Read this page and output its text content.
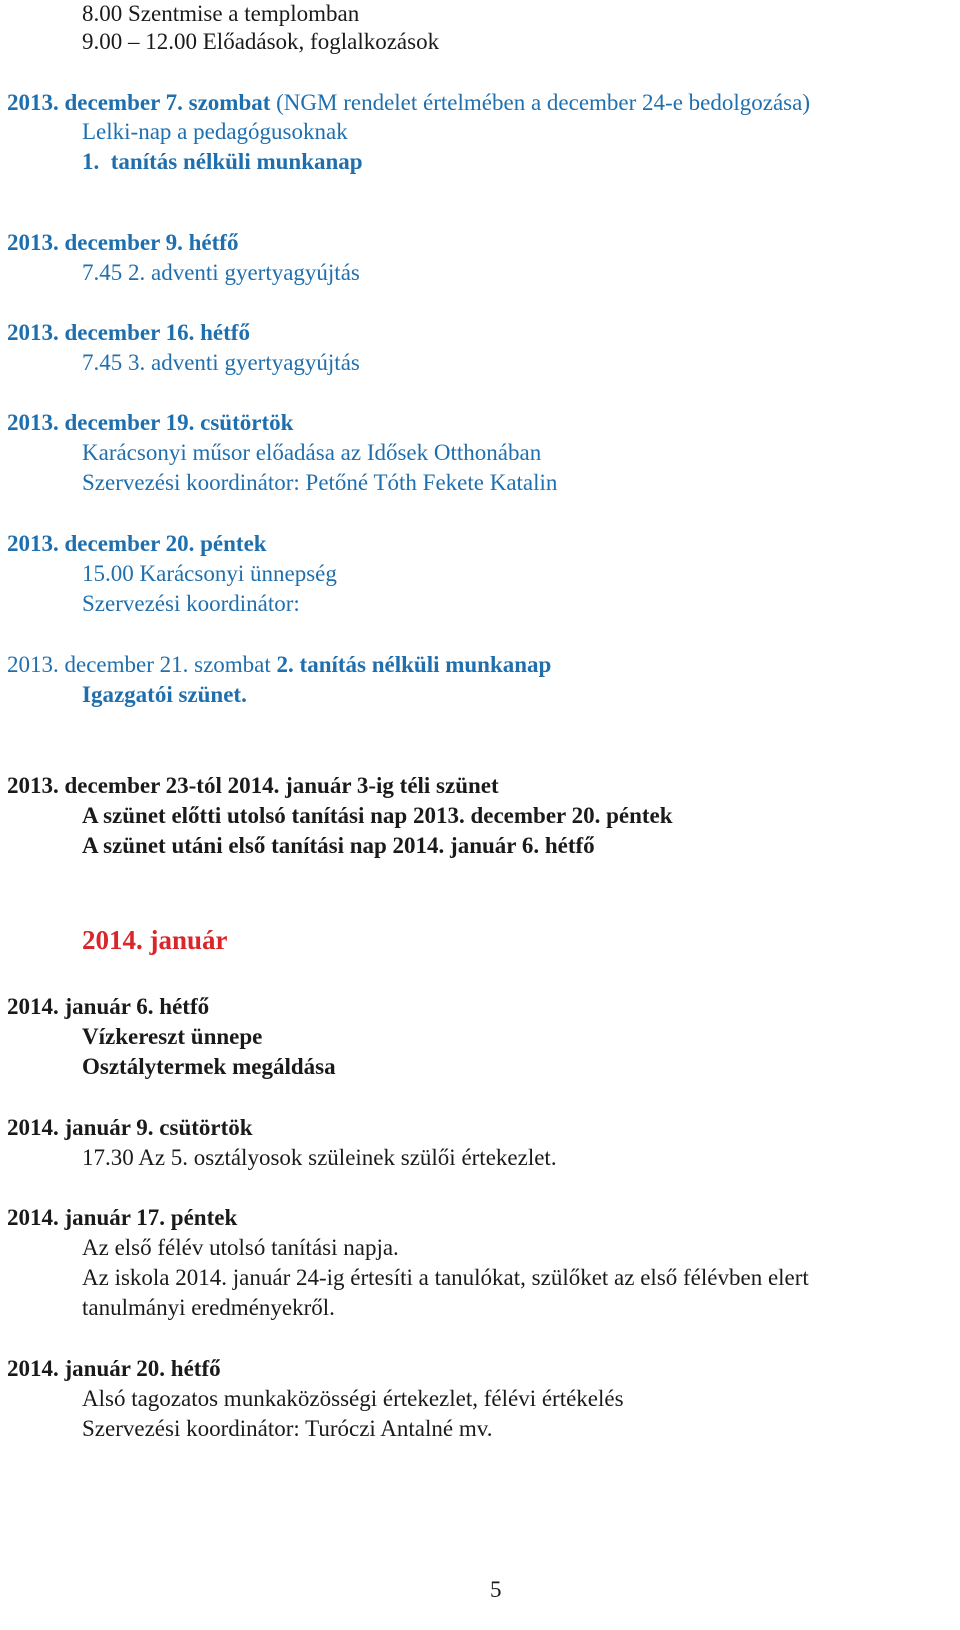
8.00 Szentmise a templomban
9.00 – 12.00 Előadások, foglalkozások
2013. december 7. szombat (NGM rendelet értelmében a december 24-e bedolgozása)
Lelki-nap a pedagógusoknak
1.  tanítás nélküli munkanap
2013. december 9. hétfő
7.45 2. adventi gyertyagyújtás
2013. december 16. hétfő
7.45 3. adventi gyertyagyújtás
2013. december 19. csütörtök
Karácsonyi műsor előadása az Idősek Otthonában
Szervezési koordinátor: Petőné Tóth Fekete Katalin
2013. december 20. péntek
15.00 Karácsonyi ünnepség
Szervezési koordinátor:
2013. december 21. szombat 2. tanítás nélküli munkanap
Igazgatói szünet.
2013. december 23-tól 2014. január 3-ig téli szünet
A szünet előtti utolsó tanítási nap 2013. december 20. péntek
A szünet utáni első tanítási nap 2014. január 6. hétfő
2014. január
2014. január 6. hétfő
Vízkereszt ünnepe
Osztálytermek megáldása
2014. január 9. csütörtök
17.30 Az 5. osztályosok szüleinek szülői értekezlet.
2014. január 17. péntek
Az első félév utolsó tanítási napja.
Az iskola 2014. január 24-ig értesíti a tanulókat, szülőket az első félévben elert
tanulmányi eredményekről.
2014. január 20. hétfő
Alsó tagozatos munkaközösségi értekezlet, félévi értékelés
Szervezési koordinátor: Turóczi Antalné mv.
5
